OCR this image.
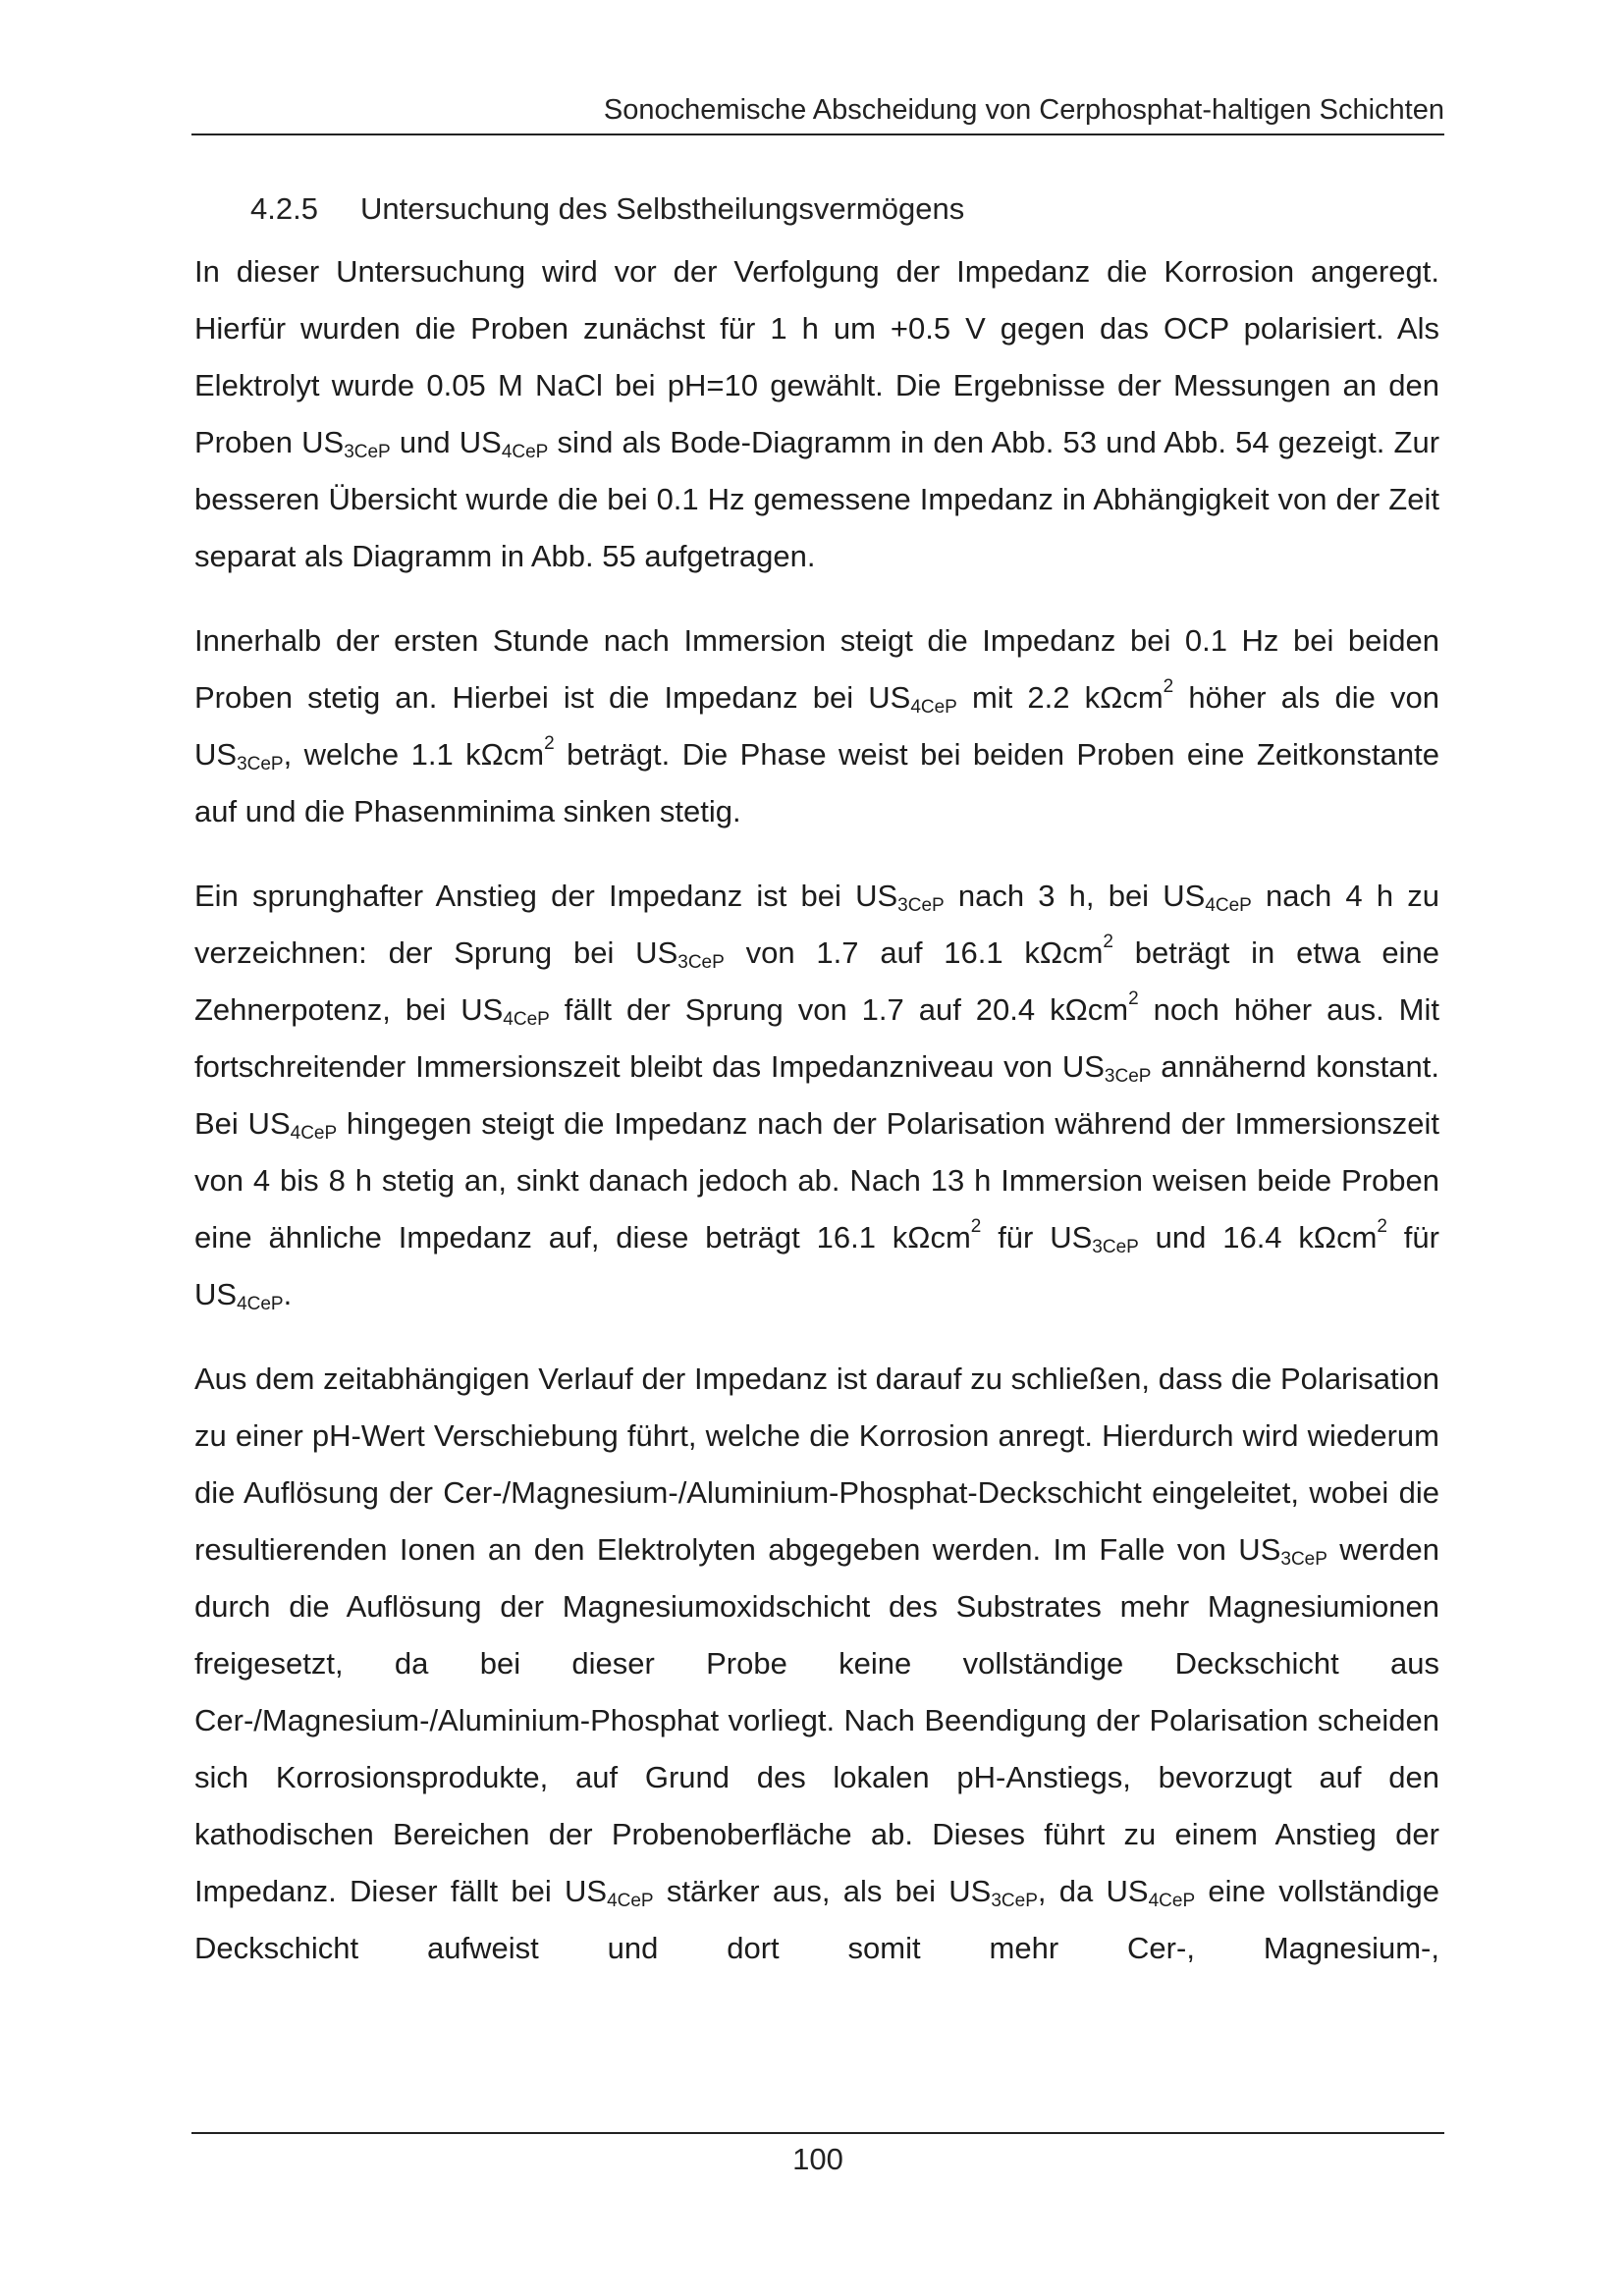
Sonochemische Abscheidung von Cerphosphat-haltigen Schichten
4.2.5 Untersuchung des Selbstheilungsvermögens

In dieser Untersuchung wird vor der Verfolgung der Impedanz die Korrosion angeregt. Hierfür wurden die Proben zunächst für 1 h um +0.5 V gegen das OCP polarisiert. Als Elektrolyt wurde 0.05 M NaCl bei pH=10 gewählt. Die Ergebnisse der Messungen an den Proben $US_{3CeP}$ und $US_{4CeP}$ sind als Bode-Diagramm in den Abb. 53 und Abb. 54 gezeigt. Zur besseren Übersicht wurde die bei 0.1 Hz gemessene Impedanz in Abhängigkeit von der Zeit separat als Diagramm in Abb. 55 aufgetragen.

Innerhalb der ersten Stunde nach Immersion steigt die Impedanz bei 0.1 Hz bei beiden Proben stetig an. Hierbei ist die Impedanz bei $US_{4CeP}$ mit 2.2 kΩcm$^2$ höher als die von $US_{3CeP}$, welche 1.1 kΩcm$^2$ beträgt. Die Phase weist bei beiden Proben eine Zeitkonstante auf und die Phasenminima sinken stetig.

Ein sprunghafter Anstieg der Impedanz ist bei $US_{3CeP}$ nach 3 h, bei $US_{4CeP}$ nach 4 h zu verzeichnen: der Sprung bei $US_{3CeP}$ von 1.7 auf 16.1 kΩcm$^2$ beträgt in etwa eine Zehnerpotenz, bei $US_{4CeP}$ fällt der Sprung von 1.7 auf 20.4 kΩcm$^2$ noch höher aus. Mit fortschreitender Immersionszeit bleibt das Impedanzniveau von $US_{3CeP}$ annähernd konstant. Bei $US_{4CeP}$ hingegen steigt die Impedanz nach der Polarisation während der Immersionszeit von 4 bis 8 h stetig an, sinkt danach jedoch ab. Nach 13 h Immersion weisen beide Proben eine ähnliche Impedanz auf, diese beträgt 16.1 kΩcm$^2$ für $US_{3CeP}$ und 16.4 kΩcm$^2$ für $US_{4CeP}$.

Aus dem zeitabhängigen Verlauf der Impedanz ist darauf zu schließen, dass die Polarisation zu einer pH-Wert Verschiebung führt, welche die Korrosion anregt. Hierdurch wird wiederum die Auflösung der Cer-/Magnesium-/Aluminium-Phosphat-Deckschicht eingeleitet, wobei die resultierenden Ionen an den Elektrolyten abgegeben werden. Im Falle von $US_{3CeP}$ werden durch die Auflösung der Magnesiumoxidschicht des Substrates mehr Magnesiumionen freigesetzt, da bei dieser Probe keine vollständige Deckschicht aus Cer-/Magnesium-/Aluminium-Phosphat vorliegt. Nach Beendigung der Polarisation scheiden sich Korrosionsprodukte, auf Grund des lokalen pH-Anstiegs, bevorzugt auf den kathodischen Bereichen der Probenoberfläche ab. Dieses führt zu einem Anstieg der Impedanz. Dieser fällt bei $US_{4CeP}$ stärker aus, als bei $US_{3CeP}$, da $US_{4CeP}$ eine vollständige Deckschicht aufweist und dort somit mehr Cer-, Magnesium-,

100
